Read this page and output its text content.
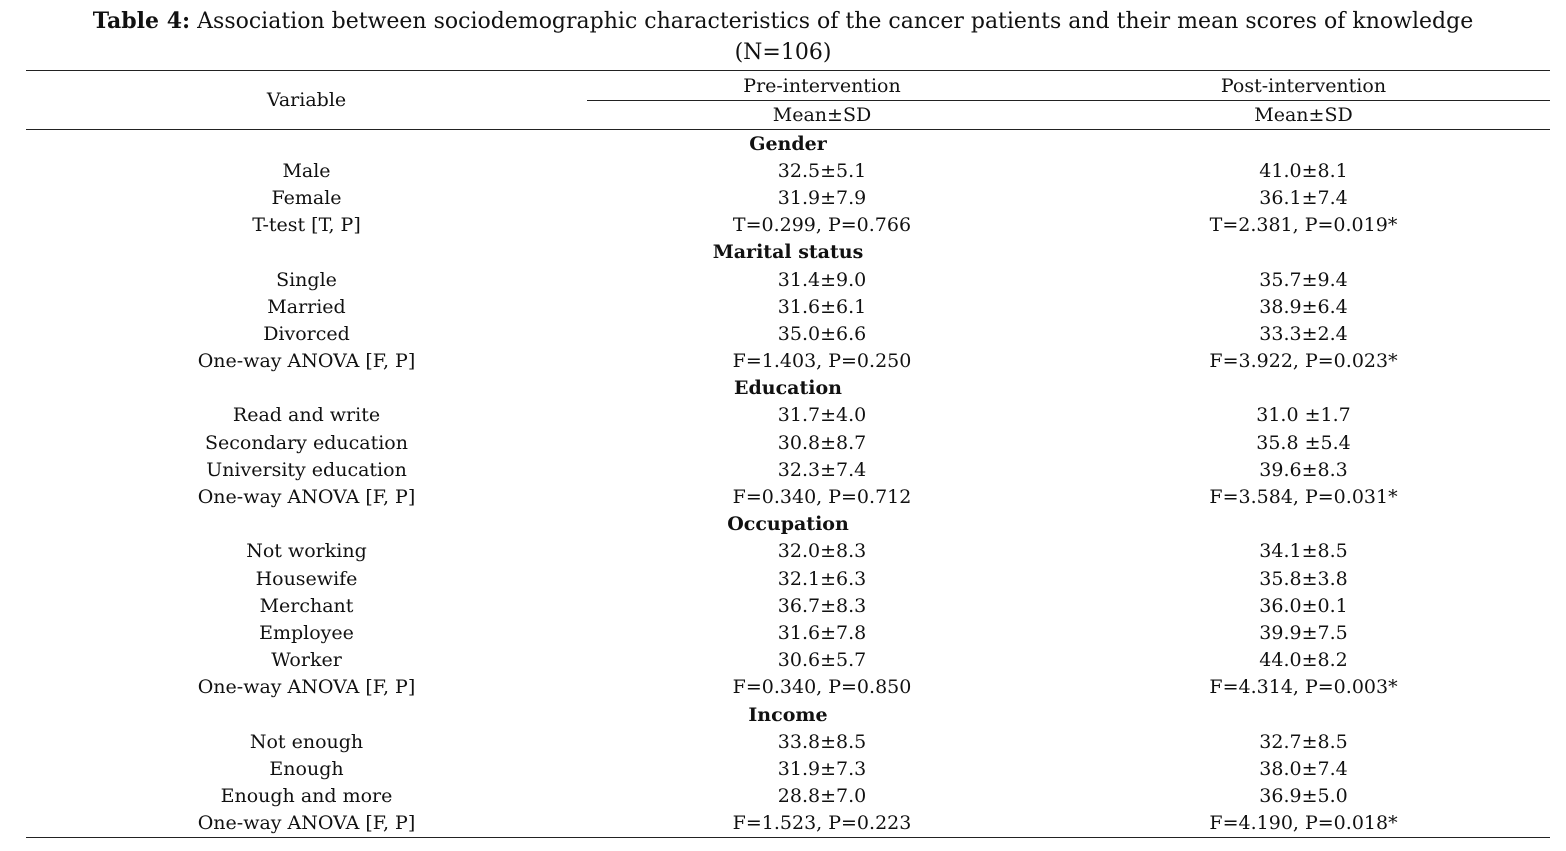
Table 4: Association between sociodemographic characteristics of the cancer patients and their mean scores of knowledge
(N=106)
Variable	Pre-intervention	Post-intervention
	Mean±SD	Mean±SD
Gender		
Male	32.5±5.1	41.0±8.1
Female	31.9±7.9	36.1±7.4
T-test [T, P]	T=0.299, P=0.766	T=2.381, P=0.019*
Marital status		
Single	31.4±9.0	35.7±9.4
Married	31.6±6.1	38.9±6.4
Divorced	35.0±6.6	33.3±2.4
One-way ANOVA [F, P]	F=1.403, P=0.250	F=3.922, P=0.023*
Education		
Read and write	31.7±4.0	31.0 ±1.7
Secondary education	30.8±8.7	35.8 ±5.4
University education	32.3±7.4	39.6±8.3
One-way ANOVA [F, P]	F=0.340, P=0.712	F=3.584, P=0.031*
Occupation		
Not working	32.0±8.3	34.1±8.5
Housewife	32.1±6.3	35.8±3.8
Merchant	36.7±8.3	36.0±0.1
Employee	31.6±7.8	39.9±7.5
Worker	30.6±5.7	44.0±8.2
One-way ANOVA [F, P]	F=0.340, P=0.850	F=4.314, P=0.003*
Income		
Not enough	33.8±8.5	32.7±8.5
Enough	31.9±7.3	38.0±7.4
Enough and more	28.8±7.0	36.9±5.0
One-way ANOVA [F, P]	F=1.523, P=0.223	F=4.190, P=0.018*
